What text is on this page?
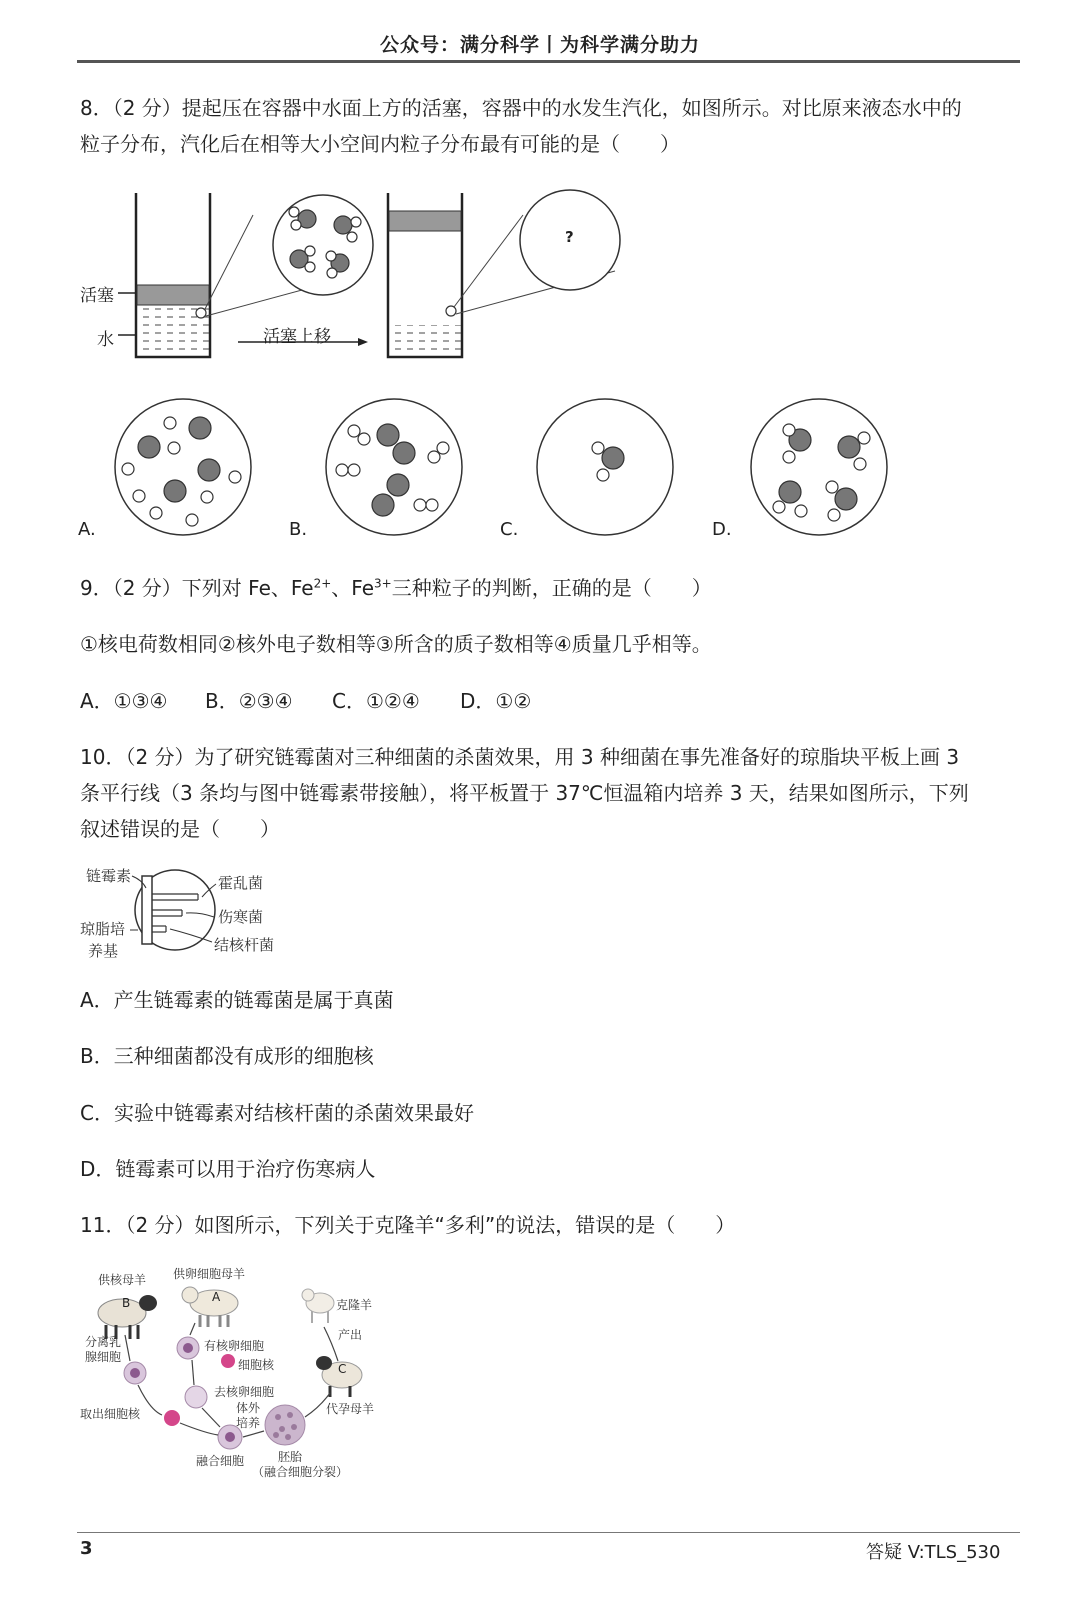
公众号：满分科学丨为科学满分助力
8．（2 分）提起压在容器中水面上方的活塞，容器中的水发生汽化，如图所示。对比原来液态水中的
粒子分布，汽化后在相等大小空间内粒子分布最有可能的是（　　）
活塞
水	活塞上移
?
A.	B.	C.	D.
9．（2 分）下列对 Fe、$Fe^{2+}$、$Fe^{3+}$三种粒子的判断，正确的是（　　）
①核电荷数相同②核外电子数相等③所含的质子数相等④质量几乎相等。
A．①③④ B．②③④ C．①②④ D．①②
10．（2 分）为了研究链霉菌对三种细菌的杀菌效果，用 3 种细菌在事先准备好的琼脂块平板上画 3
条平行线（3 条均与图中链霉素带接触），将平板置于 37℃恒温箱内培养 3 天，结果如图所示，下列
叙述错误的是（　　）
链霉素
琼脂培
养基
霍乱菌
伤寒菌
结核杆菌
A．产生链霉素的链霉菌是属于真菌
B．三种细菌都没有成形的细胞核
C．实验中链霉素对结核杆菌的杀菌效果最好
D．链霉素可以用于治疗伤寒病人
11．（2 分）如图所示，下列关于克隆羊“多利”的说法，错误的是（　　）
B	A
C
供核母羊 供卵细胞母羊
克隆羊
分离乳
腺细胞
有核卵细胞
细胞核
产出
去核卵细胞
体外
培养
代孕母羊
取出细胞核
融合细胞	胚胎
（融合细胞分裂）
3	答疑 V:TLS_530
